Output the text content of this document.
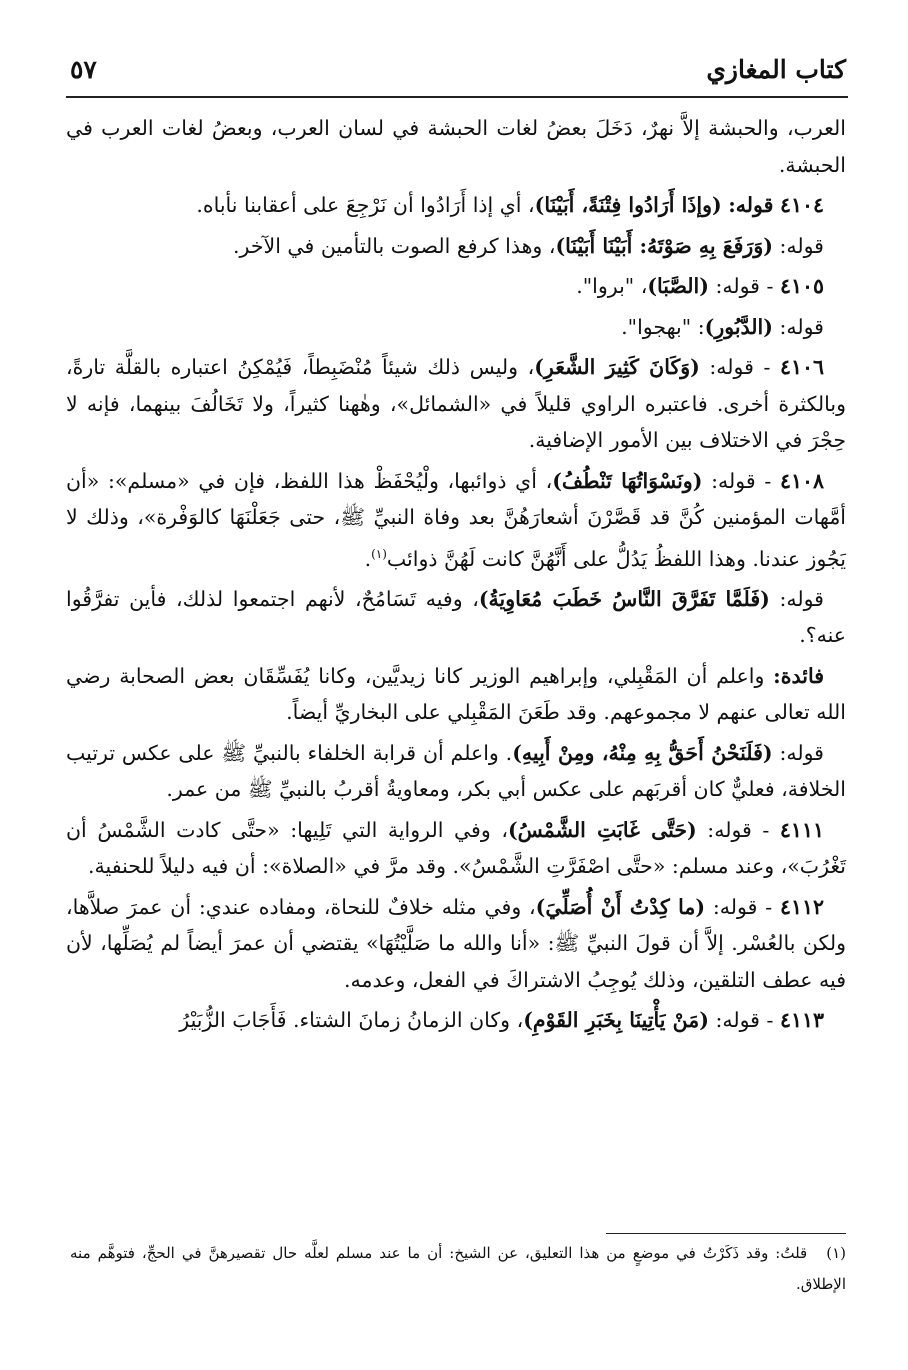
كتاب المغازي
٥٧

العرب، والحبشة إلاَّ نهرٌ، دَخَلَ بعضُ لغات الحبشة في لسان العرب، وبعضُ لغات العرب في الحبشة.

٤١٠٤ قوله: (وإذَا أَرَادُوا فِتْنَةً، أَبَيْنَا)، أي إذا أَرَادُوا أن نَرْجِعَ على أعقابنا نأباه.

قوله: (وَرَفَعَ بِهِ صَوْتَهُ: أَبَيْنَا أَبَيْنَا)، وهذا كرفع الصوت بالتأمين في الآخر.

٤١٠٥ - قوله: (الصَّبَا)، "بروا".

قوله: (الدَّبُورِ): "بهجوا".

٤١٠٦ - قوله: (وَكَانَ كَثِيرَ الشَّعَرِ)، وليس ذلك شيئاً مُنْضَبِطاً، فَيُمْكِنُ اعتباره بالقلَّة تارةً، وبالكثرة أخرى. فاعتبره الراوي قليلاً في «الشمائل»، وهٰهنا كثيراً، ولا تَخَالُفَ بينهما، فإنه لا حِجْرَ في الاختلاف بين الأمور الإضافية.

٤١٠٨ - قوله: (ونَسْوَاتُهَا تَنْطُفُ)، أي ذوائبها، ولْيُحْفَظْ هذا اللفظ، فإن في «مسلم»: «أن أمَّهات المؤمنين كُنَّ قد قَصَّرْنَ أشعارَهُنَّ بعد وفاة النبيِّ ﷺ، حتى جَعَلْنَهَا كالوَفْرة»، وذلك لا يَجُوز عندنا. وهذا اللفظُ يَدُلُّ على أَنَّهُنَّ كانت لَهُنَّ ذوائب$^{(١)}$.

قوله: (فَلَمَّا تَفَرَّقَ النَّاسُ خَطَبَ مُعَاوِيَةُ)، وفيه تَسَامُحٌ، لأنهم اجتمعوا لذلك، فأين تفرَّقُوا عنه؟.

فائدة: واعلم أن المَقْبِلي، وإبراهيم الوزير كانا زيديَّين، وكانا يُفَسِّقَان بعض الصحابة رضي الله تعالى عنهم لا مجموعهم. وقد طَعَنَ المَقْبِلي على البخاريِّ أيضاً.

قوله: (فَلَنَحْنُ أَحَقُّ بِهِ مِنْهُ، ومِنْ أَبِيهِ). واعلم أن قرابة الخلفاء بالنبيِّ ﷺ على عكس ترتيب الخلافة، فعليٌّ كان أقربَهم على عكس أبي بكر، ومعاويةُ أقربُ بالنبيِّ ﷺ من عمر.

٤١١١ - قوله: (حَتَّى غَابَتِ الشَّمْسُ)، وفي الرواية التي تَلِيها: «حتَّى كادت الشَّمْسُ أن تَغْرُبَ»، وعند مسلم: «حتَّى اصْفَرَّتِ الشَّمْسُ». وقد مرَّ في «الصلاة»: أن فيه دليلاً للحنفية.

٤١١٢ - قوله: (ما كِدْتُ أَنْ أُصَلِّيَ)، وفي مثله خلافٌ للنحاة، ومفاده عندي: أن عمرَ صلاَّها، ولكن بالعُسْر. إلاَّ أن قولَ النبيِّ ﷺ: «أنا والله ما صَلَّيْتُهَا» يقتضي أن عمرَ أيضاً لم يُصَلِّها، لأن فيه عطف التلقين، وذلك يُوجِبُ الاشتراكَ في الفعل، وعدمه.

٤١١٣ - قوله: (مَنْ يَأْتِينَا بِخَبَرِ القَوْمِ)، وكان الزمانُ زمانَ الشتاء. فَأَجَابَ الزُّبَيْرُ

(١) قلتُ: وقد ذَكَرْتُ في موضعٍ من هذا التعليق، عن الشيخ: أن ما عند مسلم لعلَّه حال تقصيرهنَّ في الحجِّ، فتوهَّم منه الإطلاق.
